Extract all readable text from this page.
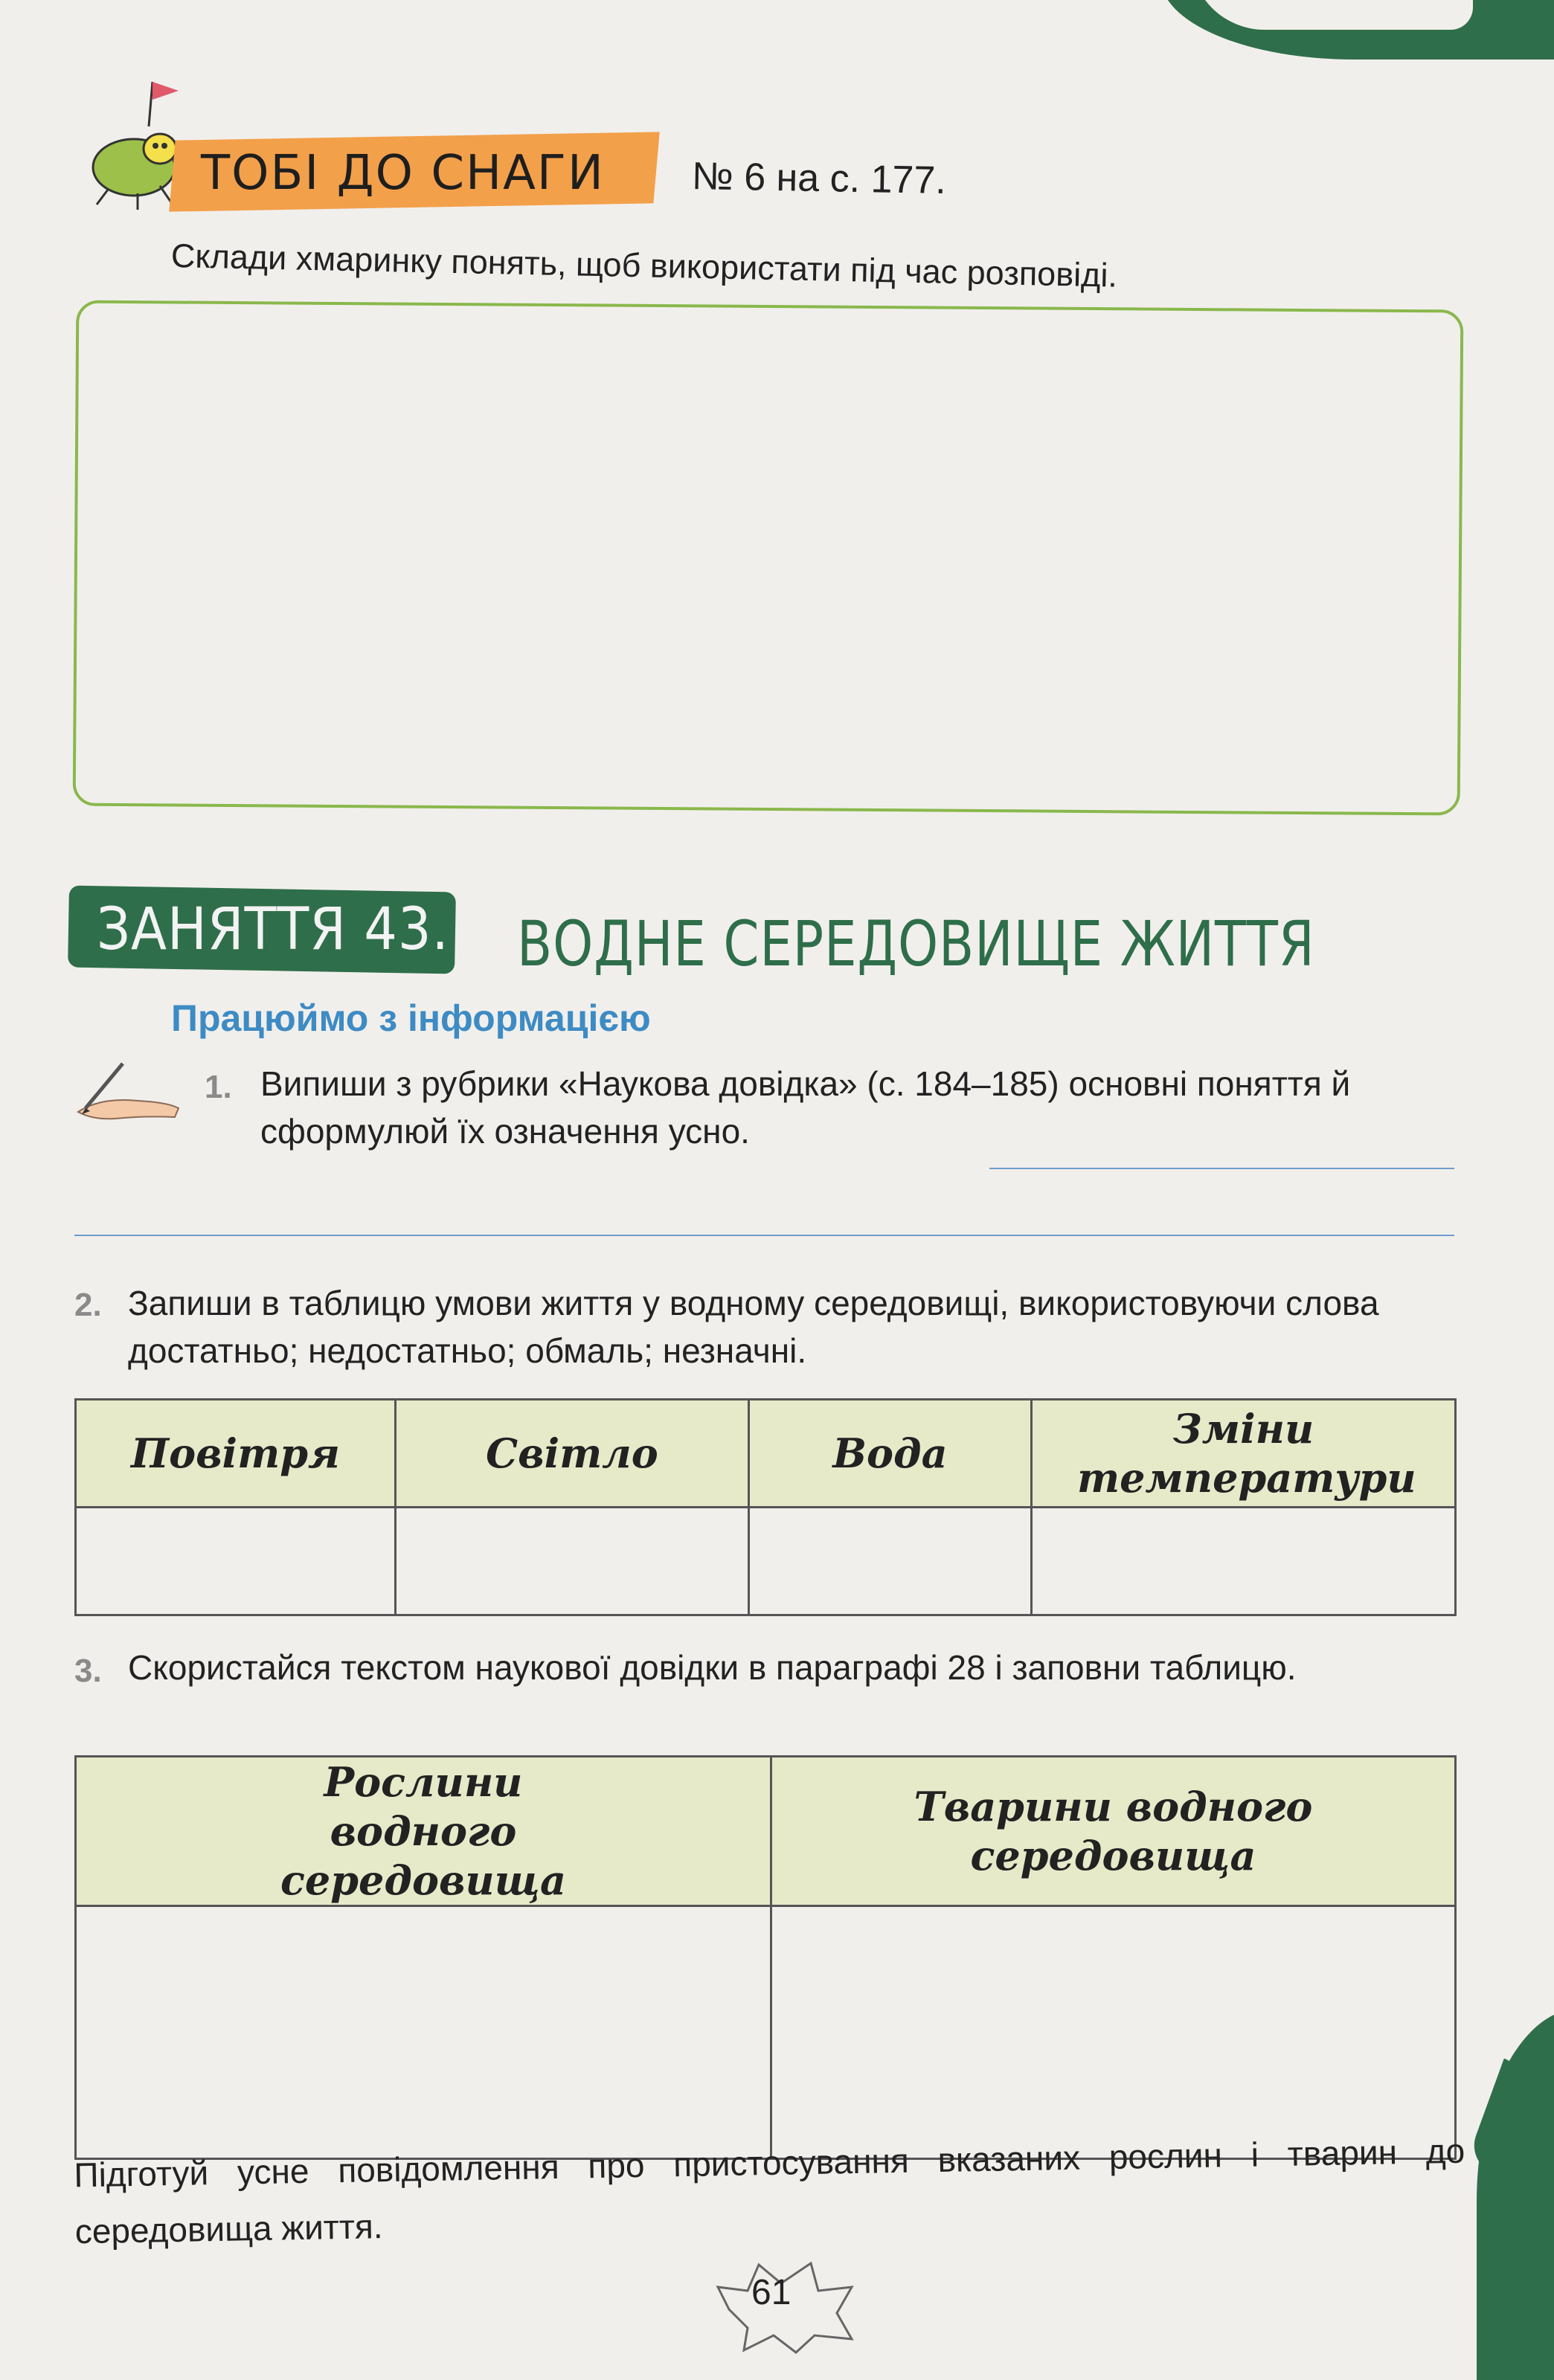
ТОБІ ДО СНАГИ	№ 6 на с. 177.
Склади хмаринку понять, щоб використати під час розповіді.
ЗАНЯТТЯ 43. ВОДНЕ СЕРЕДОВИЩЕ ЖИТТЯ
Працюймо з інформацією
1. Випиши з рубрики «Наукова довідка» (с. 184–185) основні поняття й сформулюй їх означення усно.
2. Запиши в таблицю умови життя у водному середовищі, використовуючи слова достатньо; недостатньо; обмаль; незначні.
Повітря	Світло	Вода	Зміни температури

3. Скористайся текстом наукової довідки в параграфі 28 і заповни таблицю.
Рослини водного середовища	Тварини водного середовища

Підготуй усне повідомлення про пристосування вказаних рослин і тварин до середовища життя.
61
